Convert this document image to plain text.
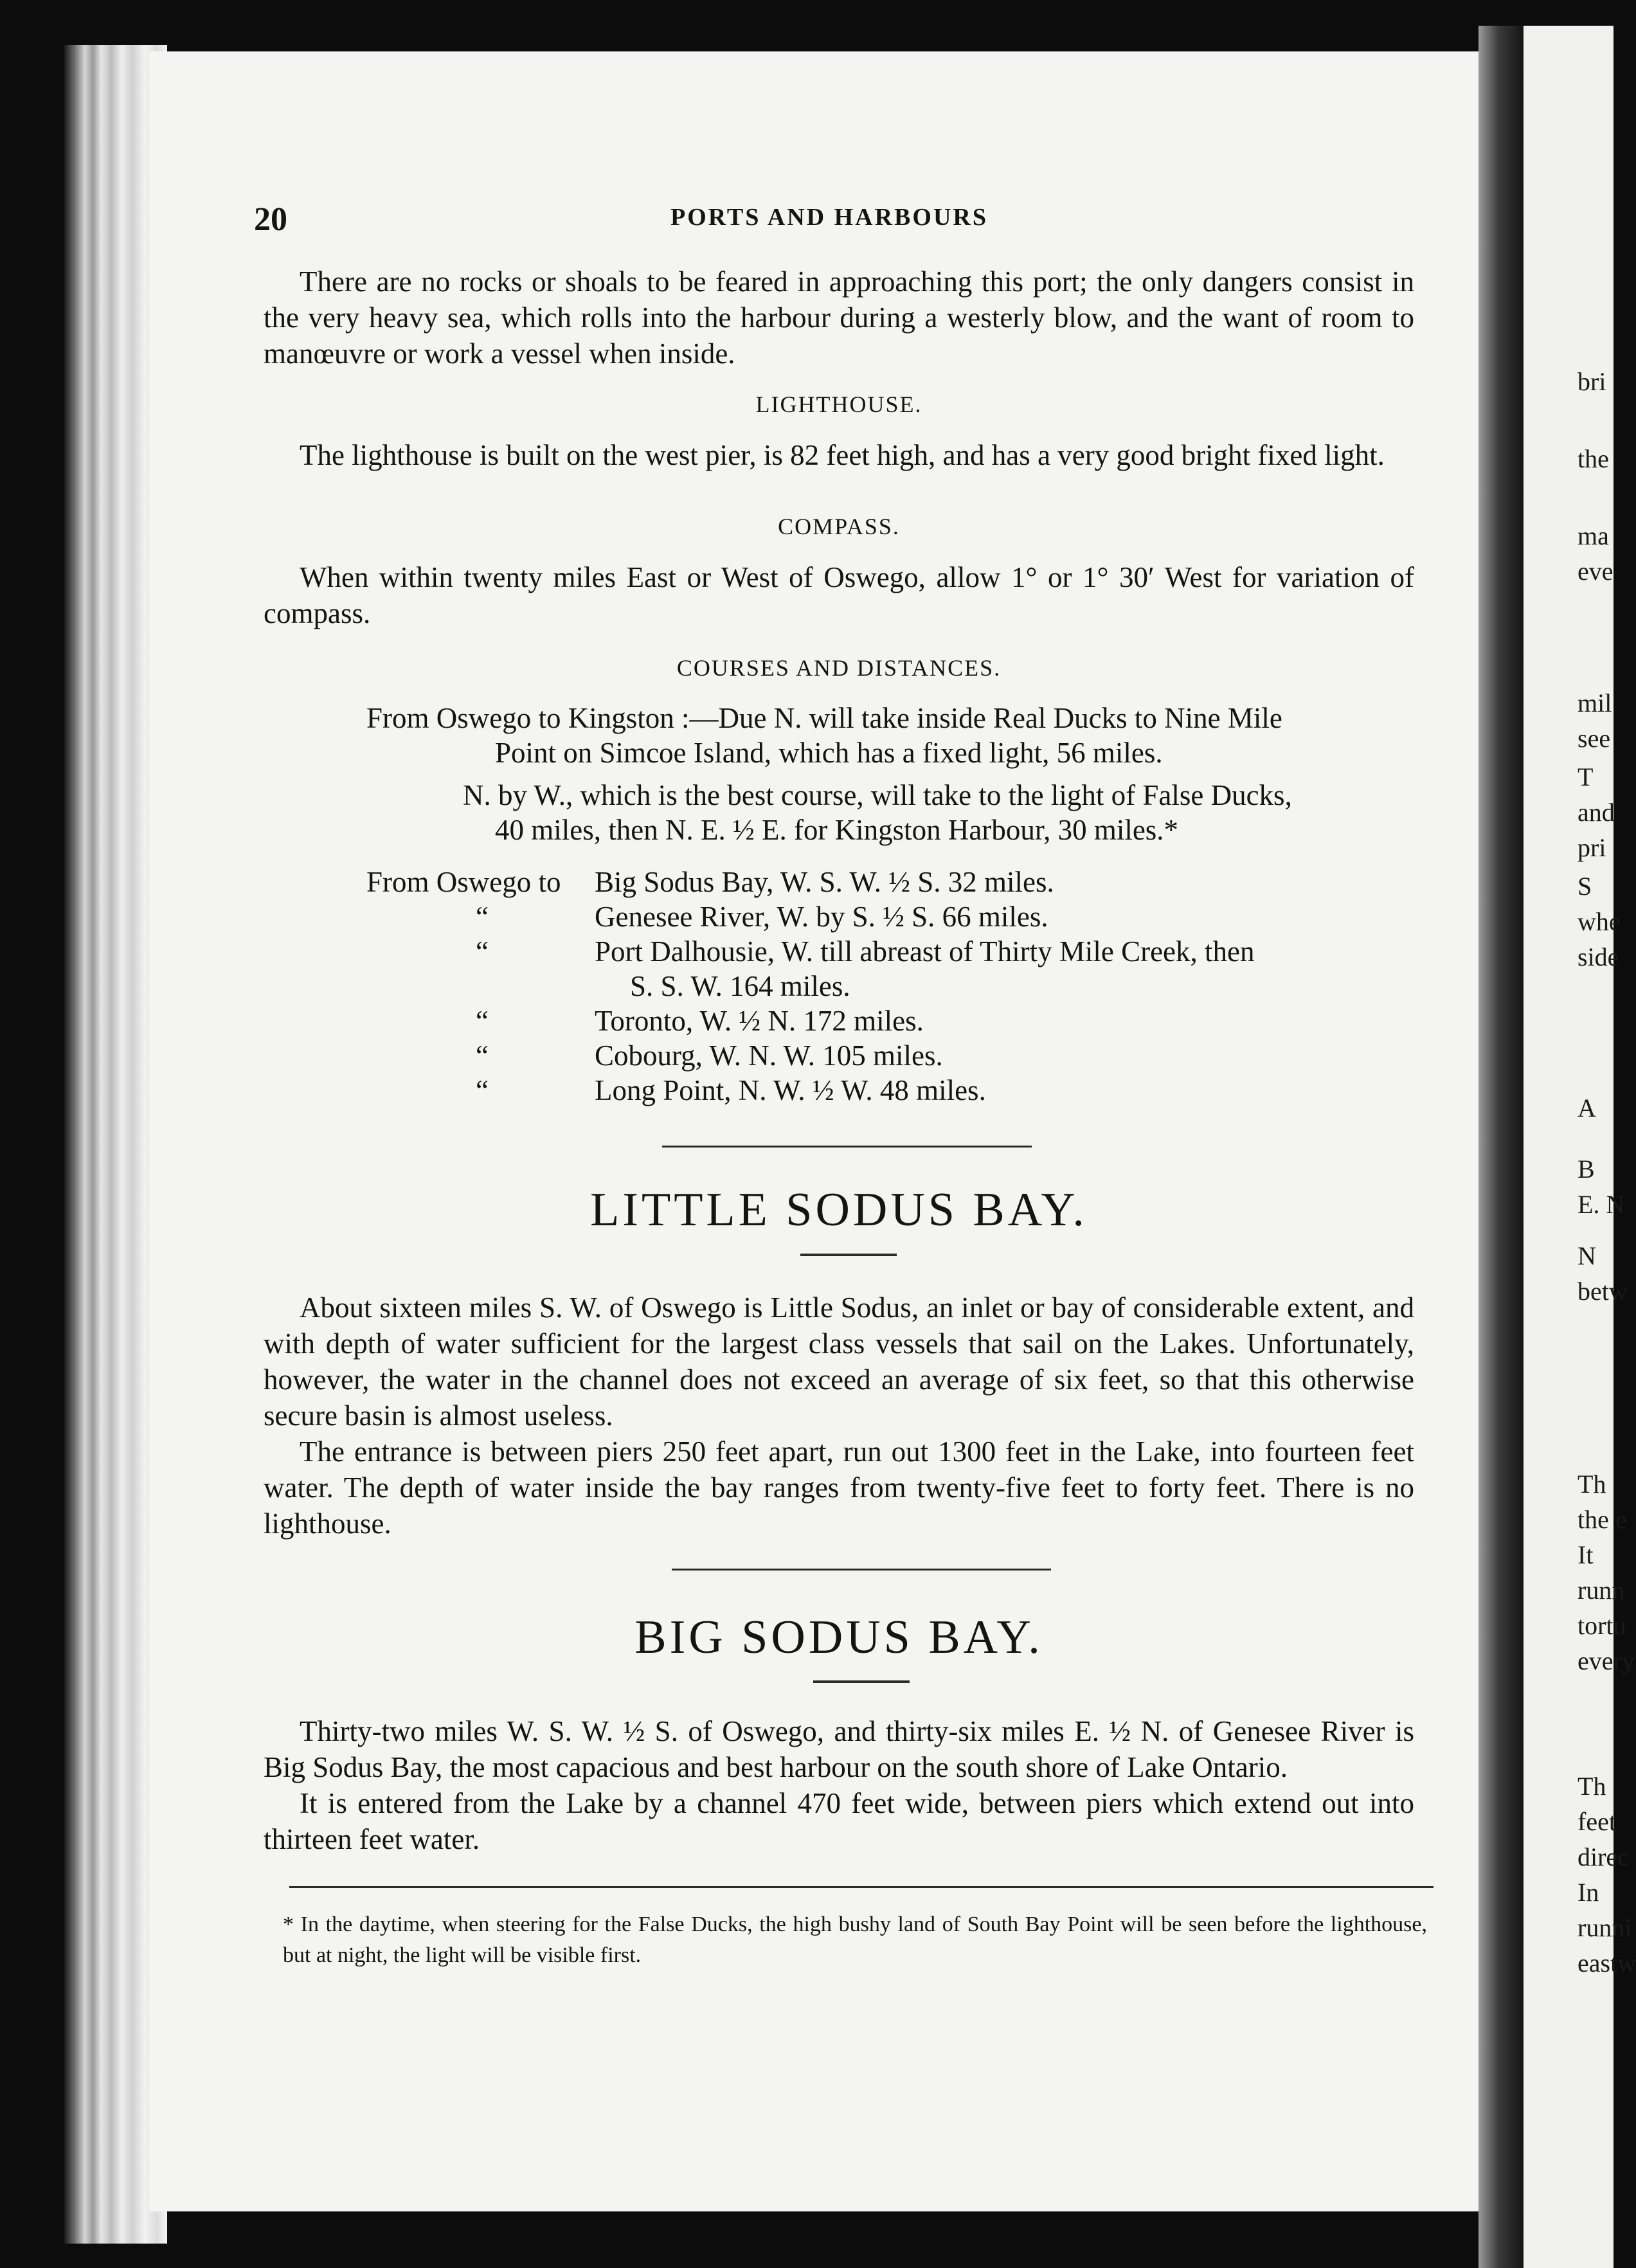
bri
the
ma
eve
mil
see
T
and
pri
S
whe
side
A
B
E. N
N
betw
Th
the e
It
runn
tortu
every
Th
feet
direc
In
runni
eastw
20	PORTS AND HARBOURS

There are no rocks or shoals to be feared in approaching this port; the only dangers consist in the very heavy sea, which rolls into the harbour during a westerly blow, and the want of room to manœuvre or work a vessel when inside.

LIGHTHOUSE.

The lighthouse is built on the west pier, is 82 feet high, and has a very good bright fixed light.

COMPASS.

When within twenty miles East or West of Oswego, allow 1° or 1° 30′ West for variation of compass.

COURSES AND DISTANCES.
From Oswego to Kingston :—Due N. will take inside Real Ducks to Nine Mile
Point on Simcoe Island, which has a fixed light, 56 miles.
N. by W., which is the best course, will take to the light of False Ducks,
40 miles, then N. E. ½ E. for Kingston Harbour, 30 miles.*
From Oswego to Big Sodus Bay, W. S. W. ½ S. 32 miles.
“	Genesee River, W. by S. ½ S. 66 miles.
“	Port Dalhousie, W. till abreast of Thirty Mile Creek, then
S. S. W. 164 miles.
“	Toronto, W. ½ N. 172 miles.
“	Cobourg, W. N. W. 105 miles.
“	Long Point, N. W. ½ W. 48 miles.
LITTLE SODUS BAY.

About sixteen miles S. W. of Oswego is Little Sodus, an inlet or bay of considerable extent, and with depth of water sufficient for the largest class vessels that sail on the Lakes. Unfortunately, however, the water in the channel does not exceed an average of six feet, so that this otherwise secure basin is almost useless.

The entrance is between piers 250 feet apart, run out 1300 feet in the Lake, into fourteen feet water. The depth of water inside the bay ranges from twenty-five feet to forty feet. There is no lighthouse.

BIG SODUS BAY.

Thirty-two miles W. S. W. ½ S. of Oswego, and thirty-six miles E. ½ N. of Genesee River is Big Sodus Bay, the most capacious and best harbour on the south shore of Lake Ontario.

It is entered from the Lake by a channel 470 feet wide, between piers which extend out into thirteen feet water.

* In the daytime, when steering for the False Ducks, the high bushy land of South Bay Point will be seen before the lighthouse, but at night, the light will be visible first.
